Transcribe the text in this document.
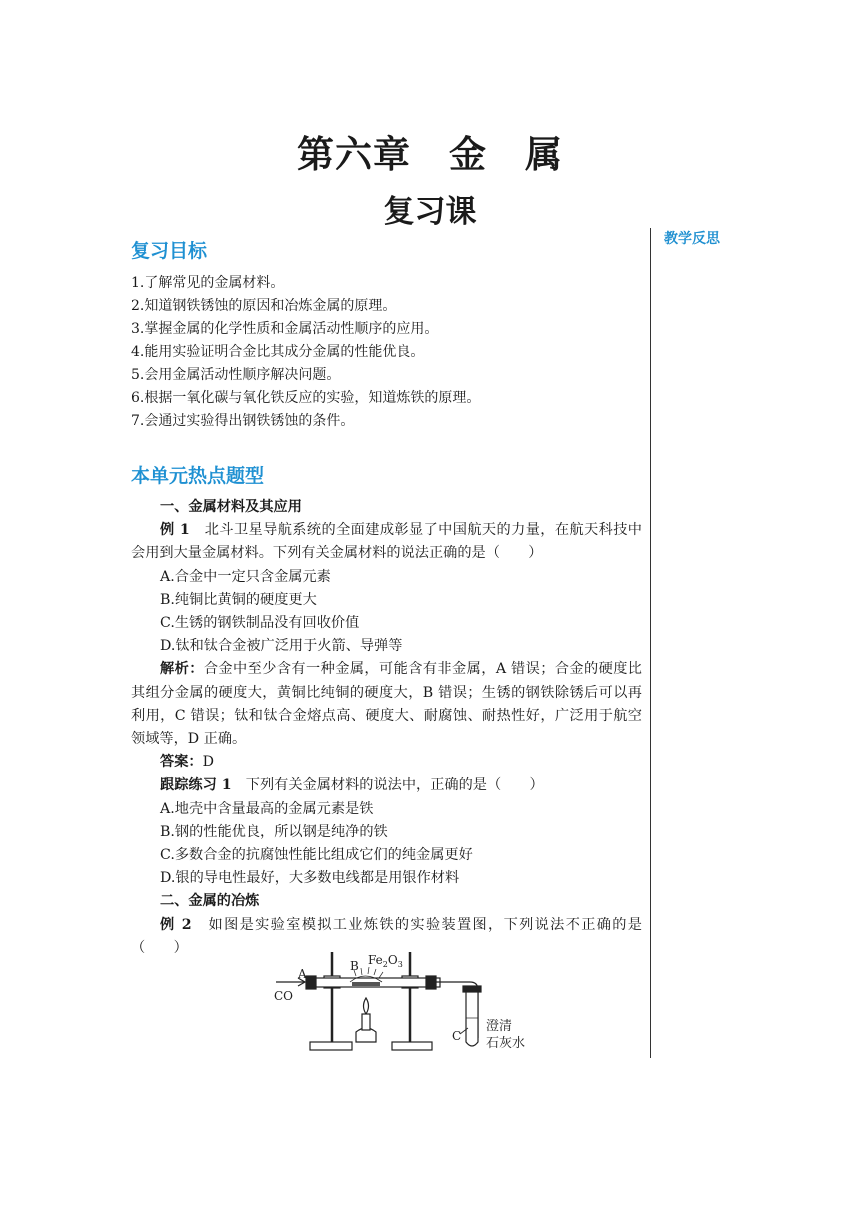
第六章　金　属
复习课
教学反思
复习目标
1.了解常见的金属材料。
2.知道钢铁锈蚀的原因和冶炼金属的原理。
3.掌握金属的化学性质和金属活动性顺序的应用。
4.能用实验证明合金比其成分金属的性能优良。
5.会用金属活动性顺序解决问题。
6.根据一氧化碳与氧化铁反应的实验，知道炼铁的原理。
7.会通过实验得出钢铁锈蚀的条件。
本单元热点题型

一、金属材料及其应用

例 1　北斗卫星导航系统的全面建成彰显了中国航天的力量，在航天科技中会用到大量金属材料。下列有关金属材料的说法正确的是（　　）

A.合金中一定只含金属元素

B.纯铜比黄铜的硬度更大

C.生锈的钢铁制品没有回收价值

D.钛和钛合金被广泛用于火箭、导弹等

解析：合金中至少含有一种金属，可能含有非金属，A 错误；合金的硬度比其组分金属的硬度大，黄铜比纯铜的硬度大，B 错误；生锈的钢铁除锈后可以再利用，C 错误；钛和钛合金熔点高、硬度大、耐腐蚀、耐热性好，广泛用于航空领域等，D 正确。

答案：D

跟踪练习 1　下列有关金属材料的说法中，正确的是（　　）

A.地壳中含量最高的金属元素是铁

B.钢的性能优良，所以钢是纯净的铁

C.多数合金的抗腐蚀性能比组成它们的纯金属更好

D.银的导电性最好，大多数电线都是用银作材料

二、金属的冶炼

例 2　如图是实验室模拟工业炼铁的实验装置图，下列说法不正确的是（　　）

A
CO
B $Fe_2O_3$
C
澄清
石灰水
